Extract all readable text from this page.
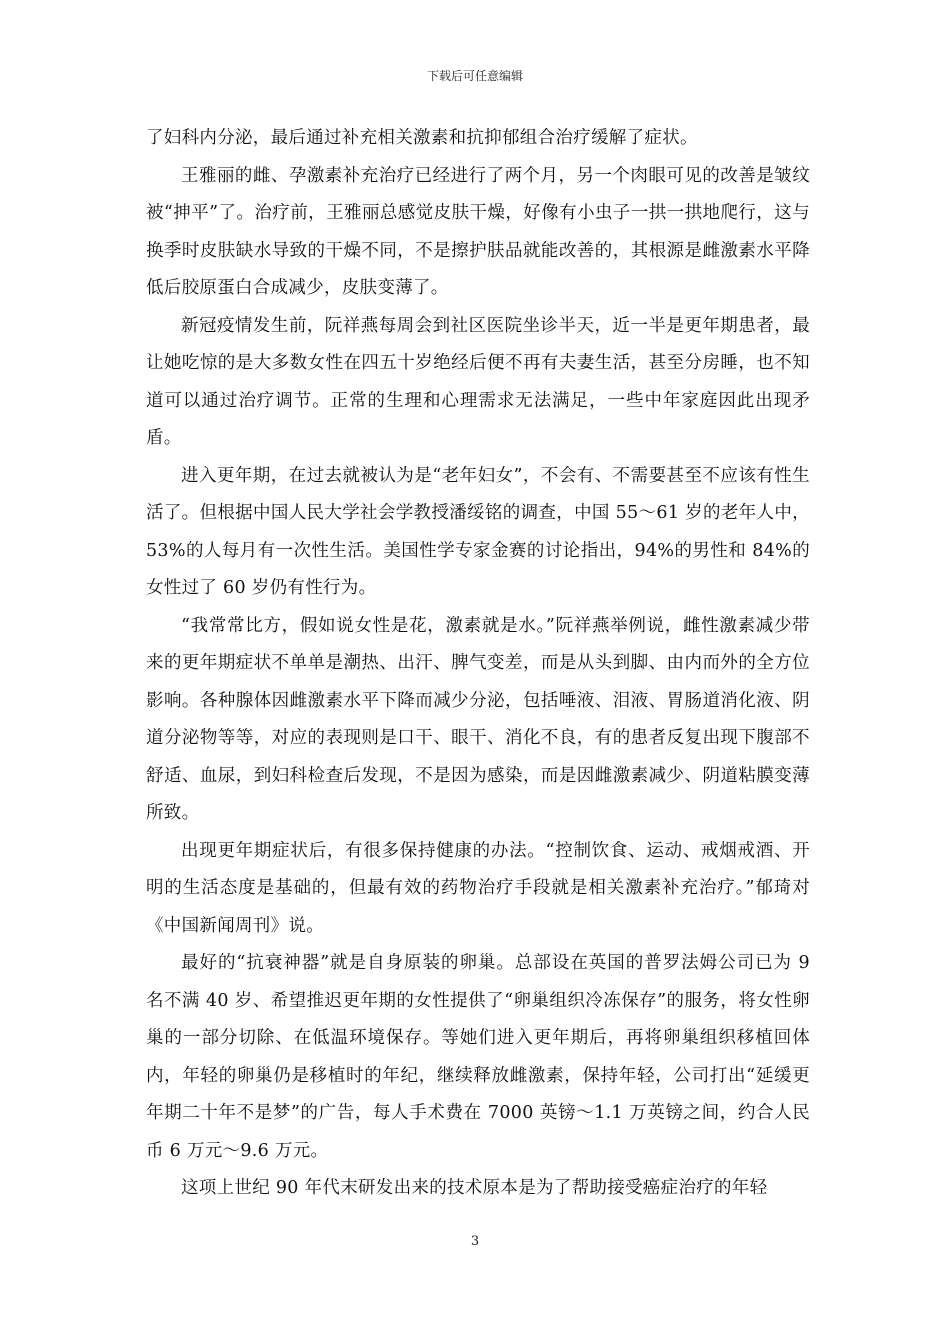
下载后可任意编辑

了妇科内分泌，最后通过补充相关激素和抗抑郁组合治疗缓解了症状。

王雅丽的雌、孕激素补充治疗已经进行了两个月，另一个肉眼可见的改善是皱纹被“抻平”了。治疗前，王雅丽总感觉皮肤干燥，好像有小虫子一拱一拱地爬行，这与换季时皮肤缺水导致的干燥不同，不是擦护肤品就能改善的，其根源是雌激素水平降低后胶原蛋白合成减少，皮肤变薄了。

新冠疫情发生前，阮祥燕每周会到社区医院坐诊半天，近一半是更年期患者，最让她吃惊的是大多数女性在四五十岁绝经后便不再有夫妻生活，甚至分房睡，也不知道可以通过治疗调节。正常的生理和心理需求无法满足，一些中年家庭因此出现矛盾。

进入更年期，在过去就被认为是“老年妇女”，不会有、不需要甚至不应该有性生活了。但根据中国人民大学社会学教授潘绥铭的调查，中国 55～61 岁的老年人中，53%的人每月有一次性生活。美国性学专家金赛的讨论指出，94%的男性和 84%的女性过了 60 岁仍有性行为。

“我常常比方，假如说女性是花，激素就是水。”阮祥燕举例说，雌性激素减少带来的更年期症状不单单是潮热、出汗、脾气变差，而是从头到脚、由内而外的全方位影响。各种腺体因雌激素水平下降而减少分泌，包括唾液、泪液、胃肠道消化液、阴道分泌物等等，对应的表现则是口干、眼干、消化不良，有的患者反复出现下腹部不舒适、血尿，到妇科检查后发现，不是因为感染，而是因雌激素减少、阴道粘膜变薄所致。

出现更年期症状后，有很多保持健康的办法。“控制饮食、运动、戒烟戒酒、开明的生活态度是基础的，但最有效的药物治疗手段就是相关激素补充治疗。”郁琦对《中国新闻周刊》说。

最好的“抗衰神器”就是自身原装的卵巢。总部设在英国的普罗法姆公司已为 9 名不满 40 岁、希望推迟更年期的女性提供了“卵巢组织冷冻保存”的服务，将女性卵巢的一部分切除、在低温环境保存。等她们进入更年期后，再将卵巢组织移植回体内，年轻的卵巢仍是移植时的年纪，继续释放雌激素，保持年轻，公司打出“延缓更年期二十年不是梦”的广告，每人手术费在 7000 英镑～1.1 万英镑之间，约合人民币 6 万元～9.6 万元。

这项上世纪 90 年代末研发出来的技术原本是为了帮助接受癌症治疗的年轻

3
